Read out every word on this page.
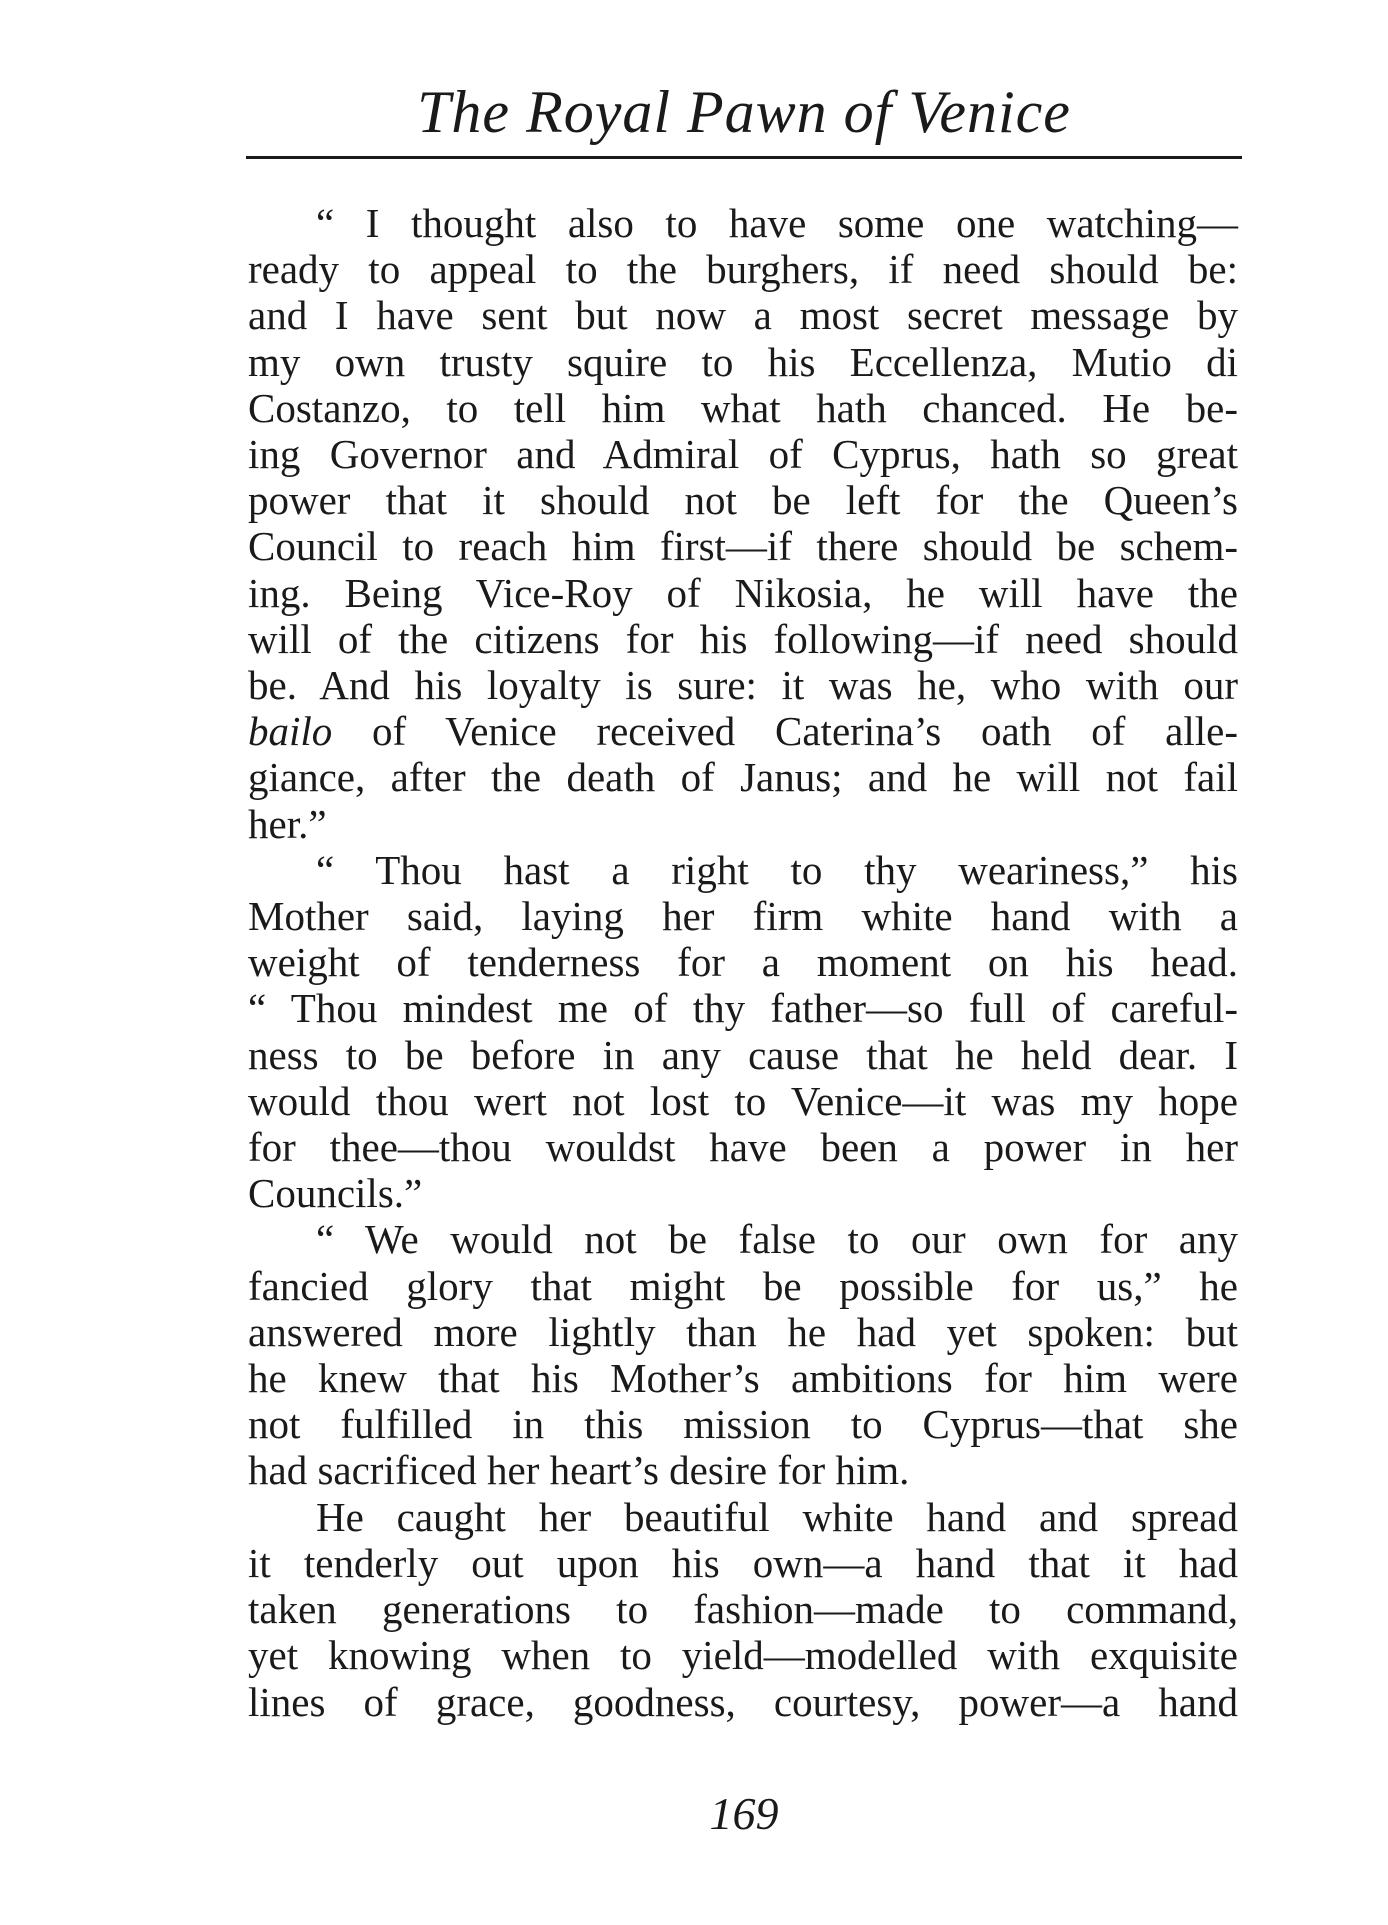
The Royal Pawn of Venice
“ I thought also to have some one watching—
ready to appeal to the burghers, if need should be:
and I have sent but now a most secret message by
my own trusty squire to his Eccellenza, Mutio di
Costanzo, to tell him what hath chanced. He be-
ing Governor and Admiral of Cyprus, hath so great
power that it should not be left for the Queen’s
Council to reach him first—if there should be schem-
ing. Being Vice-Roy of Nikosia, he will have the
will of the citizens for his following—if need should
be. And his loyalty is sure: it was he, who with our
bailo of Venice received Caterina’s oath of alle-
giance, after the death of Janus; and he will not fail
her.”
“ Thou hast a right to thy weariness,” his
Mother said, laying her firm white hand with a
weight of tenderness for a moment on his head.
“ Thou mindest me of thy father—so full of careful-
ness to be before in any cause that he held dear. I
would thou wert not lost to Venice—it was my hope
for thee—thou wouldst have been a power in her
Councils.”
“ We would not be false to our own for any
fancied glory that might be possible for us,” he
answered more lightly than he had yet spoken: but
he knew that his Mother’s ambitions for him were
not fulfilled in this mission to Cyprus—that she
had sacrificed her heart’s desire for him.
He caught her beautiful white hand and spread
it tenderly out upon his own—a hand that it had
taken generations to fashion—made to command,
yet knowing when to yield—modelled with exquisite
lines of grace, goodness, courtesy, power—a hand
169
